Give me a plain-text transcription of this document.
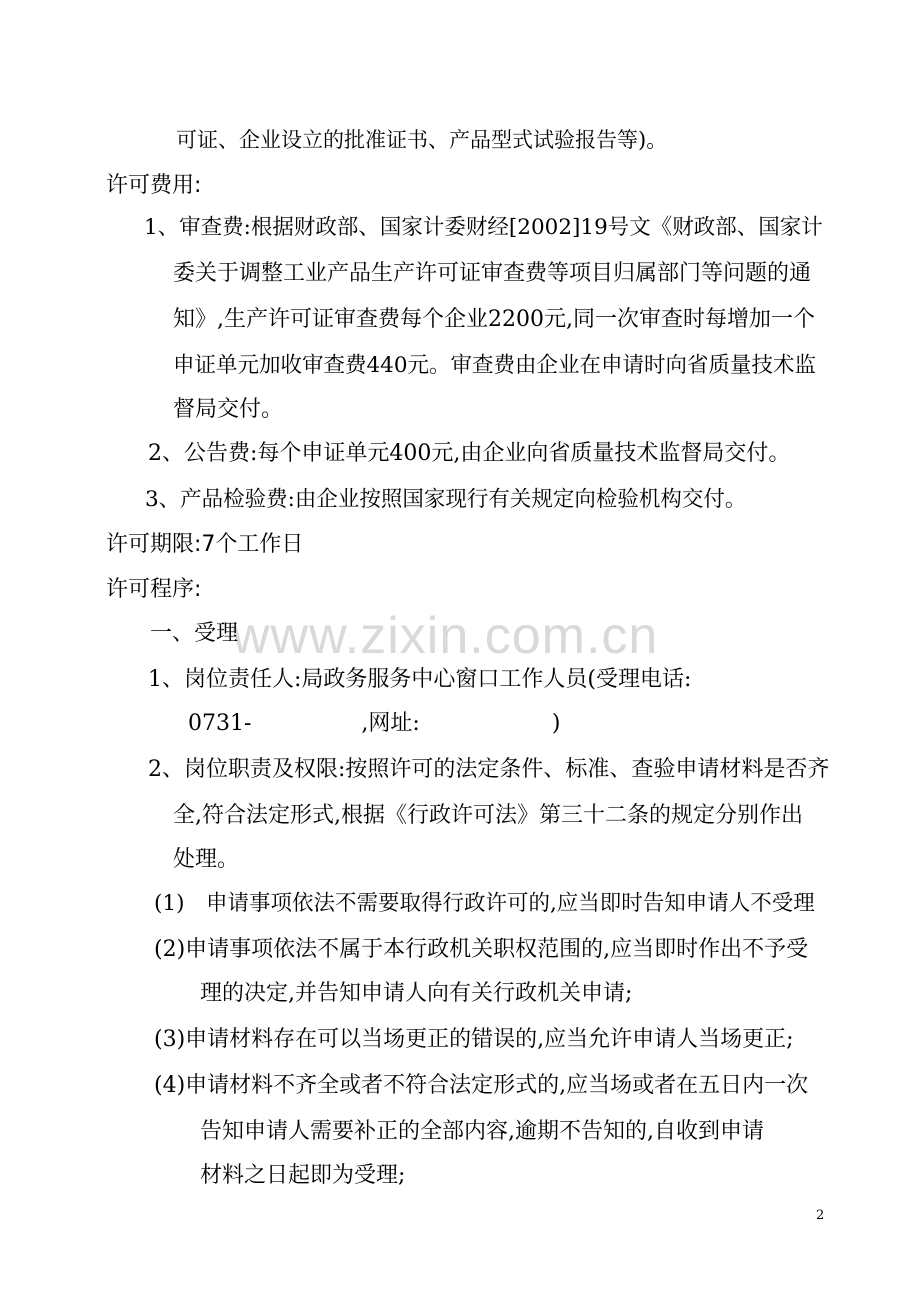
www.zixin.com.cn
可证、企业设立的批准证书、产品型式试验报告等)。
许可费用:
1、审查费:根据财政部、国家计委财经[2002]19号文《财政部、国家计
委关于调整工业产品生产许可证审查费等项目归属部门等问题的通
知》,生产许可证审查费每个企业2200元,同一次审查时每增加一个
申证单元加收审查费440元。审查费由企业在申请时向省质量技术监
督局交付。
2、公告费:每个申证单元400元,由企业向省质量技术监督局交付。
3、产品检验费:由企业按照国家现行有关规定向检验机构交付。
许可期限:7个工作日
许可程序:
一、受理
1、岗位责任人:局政务服务中心窗口工作人员(受理电话:
0731-　　　　　,网址:　　　　　　)
2、岗位职责及权限:按照许可的法定条件、标准、查验申请材料是否齐
全,符合法定形式,根据《行政许可法》第三十二条的规定分别作出
处理。
(1)　申请事项依法不需要取得行政许可的,应当即时告知申请人不受理
(2)申请事项依法不属于本行政机关职权范围的,应当即时作出不予受
理的决定,并告知申请人向有关行政机关申请;
(3)申请材料存在可以当场更正的错误的,应当允许申请人当场更正;
(4)申请材料不齐全或者不符合法定形式的,应当场或者在五日内一次
告知申请人需要补正的全部内容,逾期不告知的,自收到申请
材料之日起即为受理;
2
